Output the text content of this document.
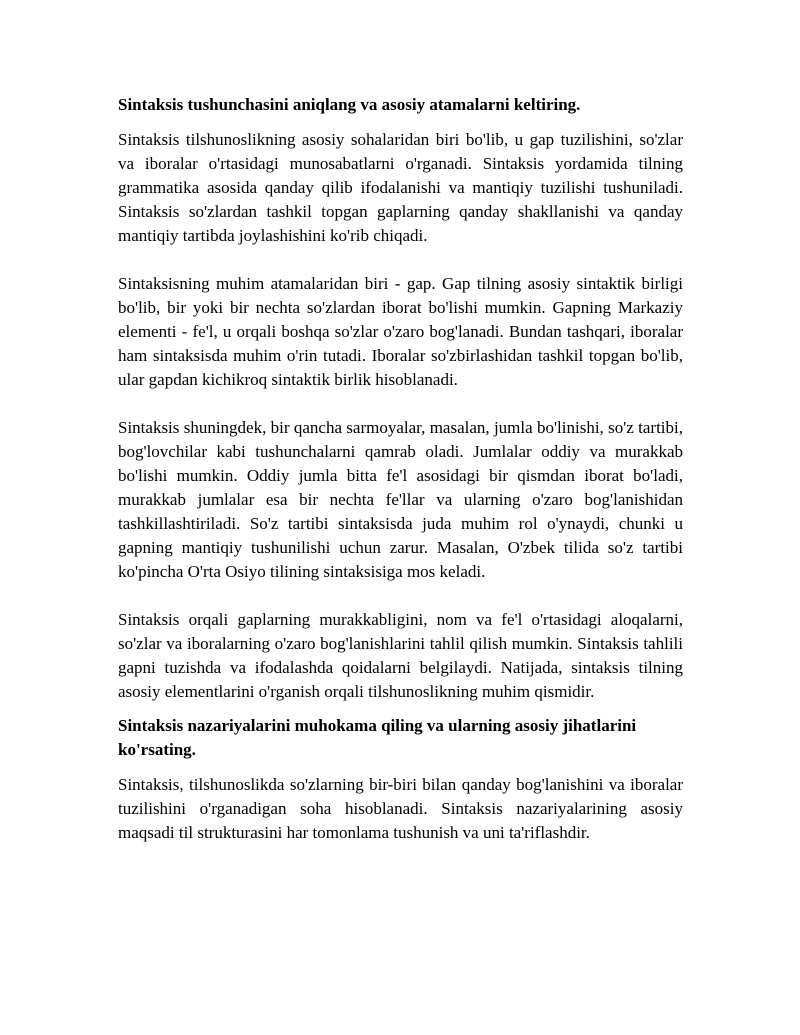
Sintaksis tushunchasini aniqlang va asosiy atamalarni keltiring.

Sintaksis tilshunoslikning asosiy sohalaridan biri bo'lib, u gap tuzilishini, so'zlar va iboralar o'rtasidagi munosabatlarni o'rganadi. Sintaksis yordamida tilning grammatika asosida qanday qilib ifodalanishi va mantiqiy tuzilishi tushuniladi. Sintaksis so'zlardan tashkil topgan gaplarning qanday shakllanishi va qanday mantiqiy tartibda joylashishini ko'rib chiqadi.

Sintaksisning muhim atamalaridan biri - gap. Gap tilning asosiy sintaktik birligi bo'lib, bir yoki bir nechta so'zlardan iborat bo'lishi mumkin. Gapning Markaziy elementi - fe'l, u orqali boshqa so'zlar o'zaro bog'lanadi. Bundan tashqari, iboralar ham sintaksisda muhim o'rin tutadi. Iboralar so'zbirlashidan tashkil topgan bo'lib, ular gapdan kichikroq sintaktik birlik hisoblanadi.

Sintaksis shuningdek, bir qancha sarmoyalar, masalan, jumla bo'linishi, so'z tartibi, bog'lovchilar kabi tushunchalarni qamrab oladi. Jumlalar oddiy va murakkab bo'lishi mumkin. Oddiy jumla bitta fe'l asosidagi bir qismdan iborat bo'ladi, murakkab jumlalar esa bir nechta fe'llar va ularning o'zaro bog'lanishidan tashkillashtiriladi. So'z tartibi sintaksisda juda muhim rol o'ynaydi, chunki u gapning mantiqiy tushunilishi uchun zarur. Masalan, O'zbek tilida so'z tartibi ko'pincha O'rta Osiyo tilining sintaksisiga mos keladi.

Sintaksis orqali gaplarning murakkabligini, nom va fe'l o'rtasidagi aloqalarni, so'zlar va iboralarning o'zaro bog'lanishlarini tahlil qilish mumkin. Sintaksis tahlili gapni tuzishda va ifodalashda qoidalarni belgilaydi. Natijada, sintaksis tilning asosiy elementlarini o'rganish orqali tilshunoslikning muhim qismidir.

Sintaksis nazariyalarini muhokama qiling va ularning asosiy jihatlarini ko'rsating.

Sintaksis, tilshunoslikda so'zlarning bir-biri bilan qanday bog'lanishini va iboralar tuzilishini o'rganadigan soha hisoblanadi. Sintaksis nazariyalarining asosiy maqsadi til strukturasini har tomonlama tushunish va uni ta'riflashdir.
